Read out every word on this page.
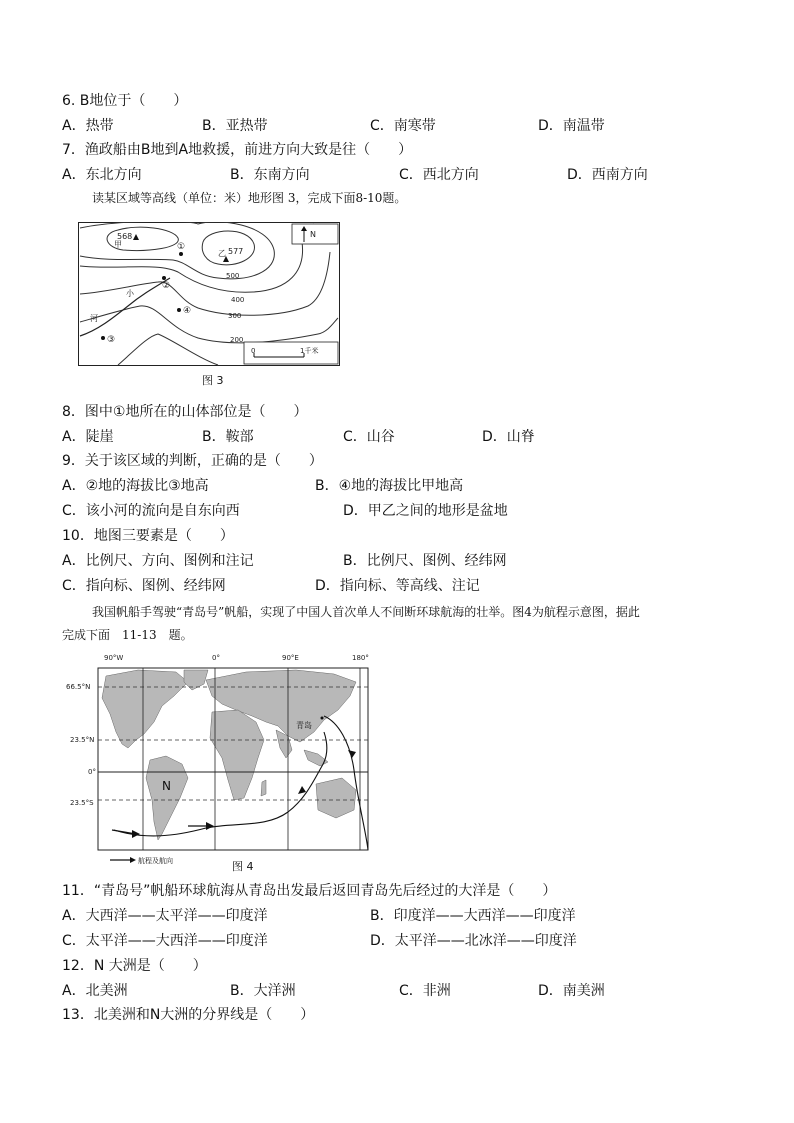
6. B地位于（　　）
A．热带	B．亚热带	C．南寒带	D．南温带
7．渔政船由B地到A地救援，前进方向大致是往（　　）
A．东北方向	B．东南方向	C．西北方向	D．西南方向
读某区域等高线（单位：米）地形图 3，完成下面8-10题。
568
甲
乙 577
500
400
300
200
小
河
①
②
③
④
N
0	1千米
图 3
8．图中①地所在的山体部位是（　　）
A．陡崖	B．鞍部	C．山谷	D．山脊
9．关于该区域的判断，正确的是（　　）
A．②地的海拔比③地高	B．④地的海拔比甲地高
C．该小河的流向是自东向西	D．甲乙之间的地形是盆地
10．地图三要素是（　　）
A．比例尺、方向、图例和注记	B．比例尺、图例、经纬网
C．指向标、图例、经纬网	D．指向标、等高线、注记
我国帆船手驾驶“青岛号”帆船，实现了中国人首次单人不间断环球航海的壮举。图4为航程示意图，据此
完成下面　11-13　题。
90°W	0°	90°E	180°
66.5°N
23.5°N
0°
23.5°S
青岛
N
航程及航向	图 4
11．“青岛号”帆船环球航海从青岛出发最后返回青岛先后经过的大洋是（　　）
A．大西洋——太平洋——印度洋	B．印度洋——大西洋——印度洋
C．太平洋——大西洋——印度洋	D．太平洋——北冰洋——印度洋
12．N 大洲是（　　）
A．北美洲	B．大洋洲	C．非洲	D．南美洲
13．北美洲和N大洲的分界线是（　　）
